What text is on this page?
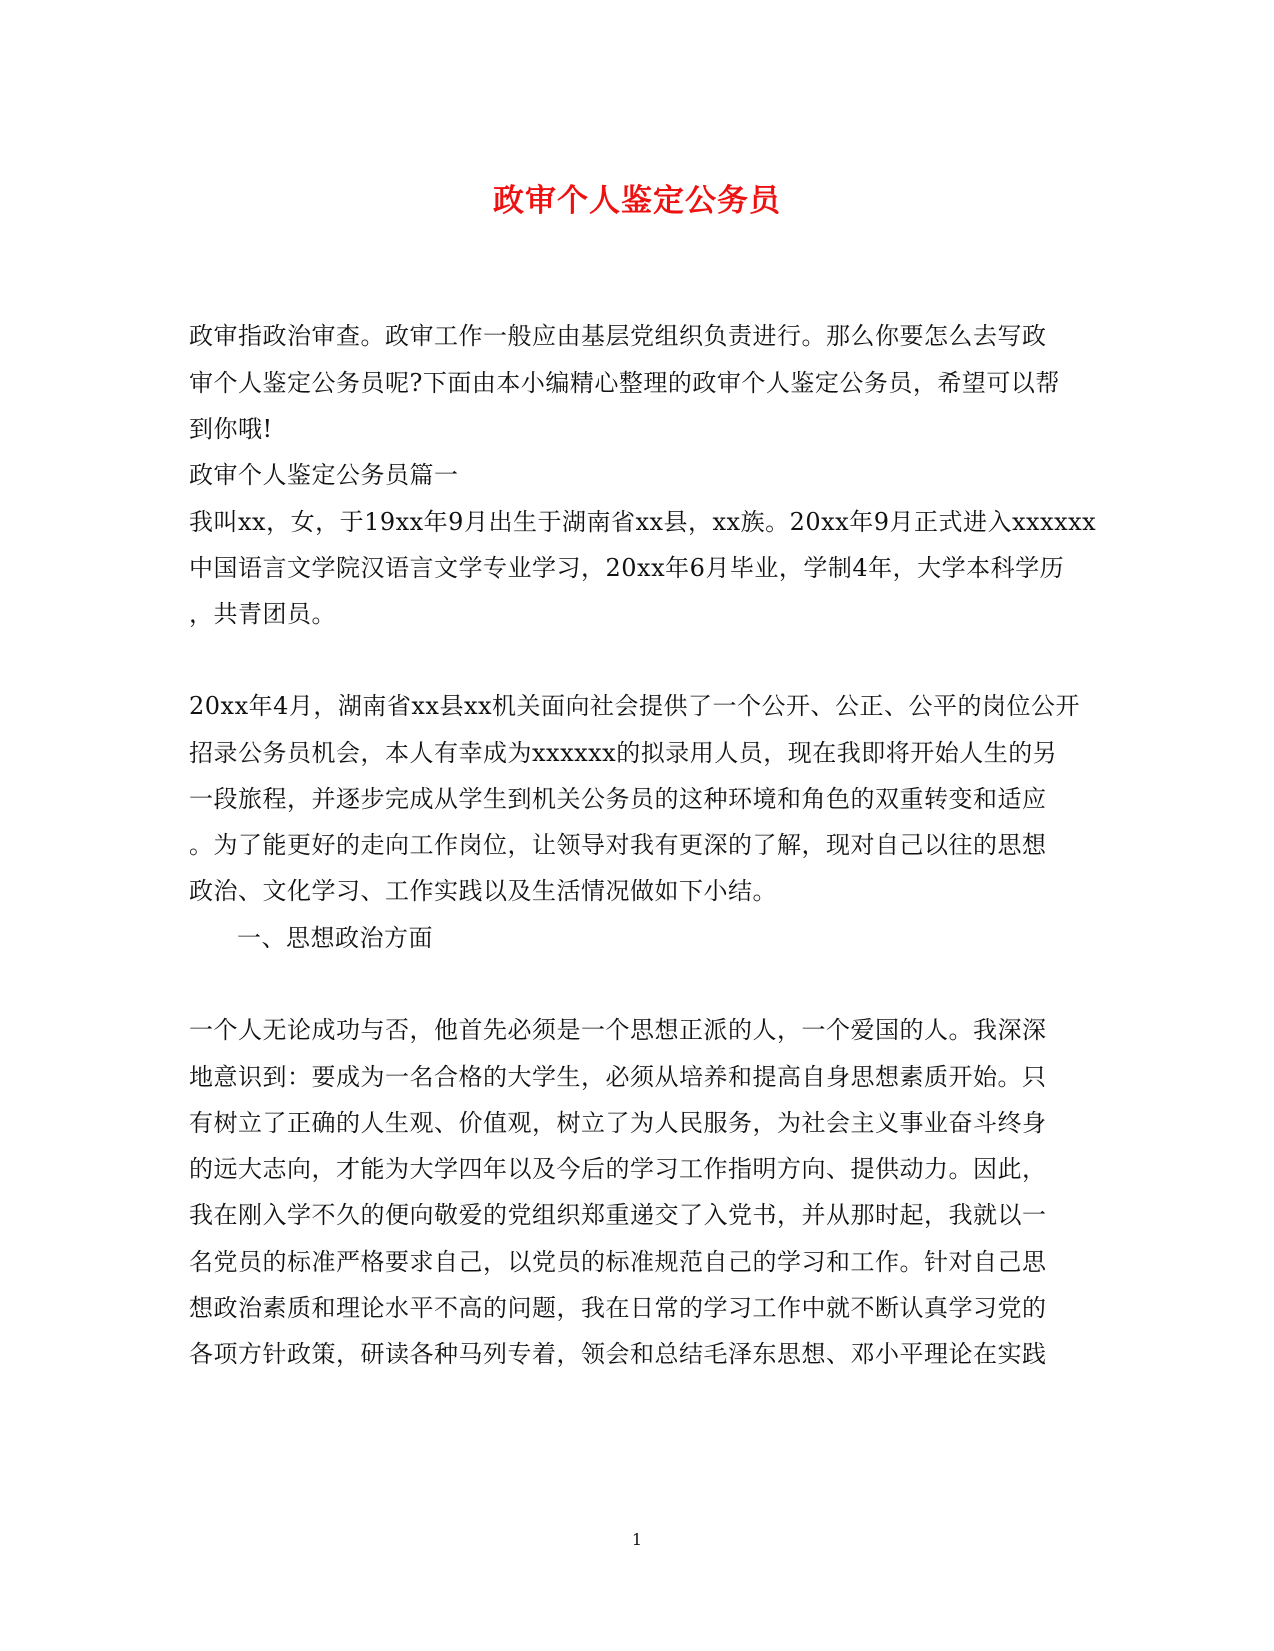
政审个人鉴定公务员
政审指政治审查。政审工作一般应由基层党组织负责进行。那么你要怎么去写政
审个人鉴定公务员呢?下面由本小编精心整理的政审个人鉴定公务员，希望可以帮
到你哦!
政审个人鉴定公务员篇一
我叫xx，女，于19xx年9月出生于湖南省xx县，xx族。20xx年9月正式进入xxxxxx
中国语言文学院汉语言文学专业学习，20xx年6月毕业，学制4年，大学本科学历
，共青团员。
20xx年4月，湖南省xx县xx机关面向社会提供了一个公开、公正、公平的岗位公开
招录公务员机会，本人有幸成为xxxxxx的拟录用人员，现在我即将开始人生的另
一段旅程，并逐步完成从学生到机关公务员的这种环境和角色的双重转变和适应
。为了能更好的走向工作岗位，让领导对我有更深的了解，现对自己以往的思想
政治、文化学习、工作实践以及生活情况做如下小结。
一、思想政治方面
一个人无论成功与否，他首先必须是一个思想正派的人，一个爱国的人。我深深
地意识到：要成为一名合格的大学生，必须从培养和提高自身思想素质开始。只
有树立了正确的人生观、价值观，树立了为人民服务，为社会主义事业奋斗终身
的远大志向，才能为大学四年以及今后的学习工作指明方向、提供动力。因此，
我在刚入学不久的便向敬爱的党组织郑重递交了入党书，并从那时起，我就以一
名党员的标准严格要求自己，以党员的标准规范自己的学习和工作。针对自己思
想政治素质和理论水平不高的问题，我在日常的学习工作中就不断认真学习党的
各项方针政策，研读各种马列专着，领会和总结毛泽东思想、邓小平理论在实践
1
